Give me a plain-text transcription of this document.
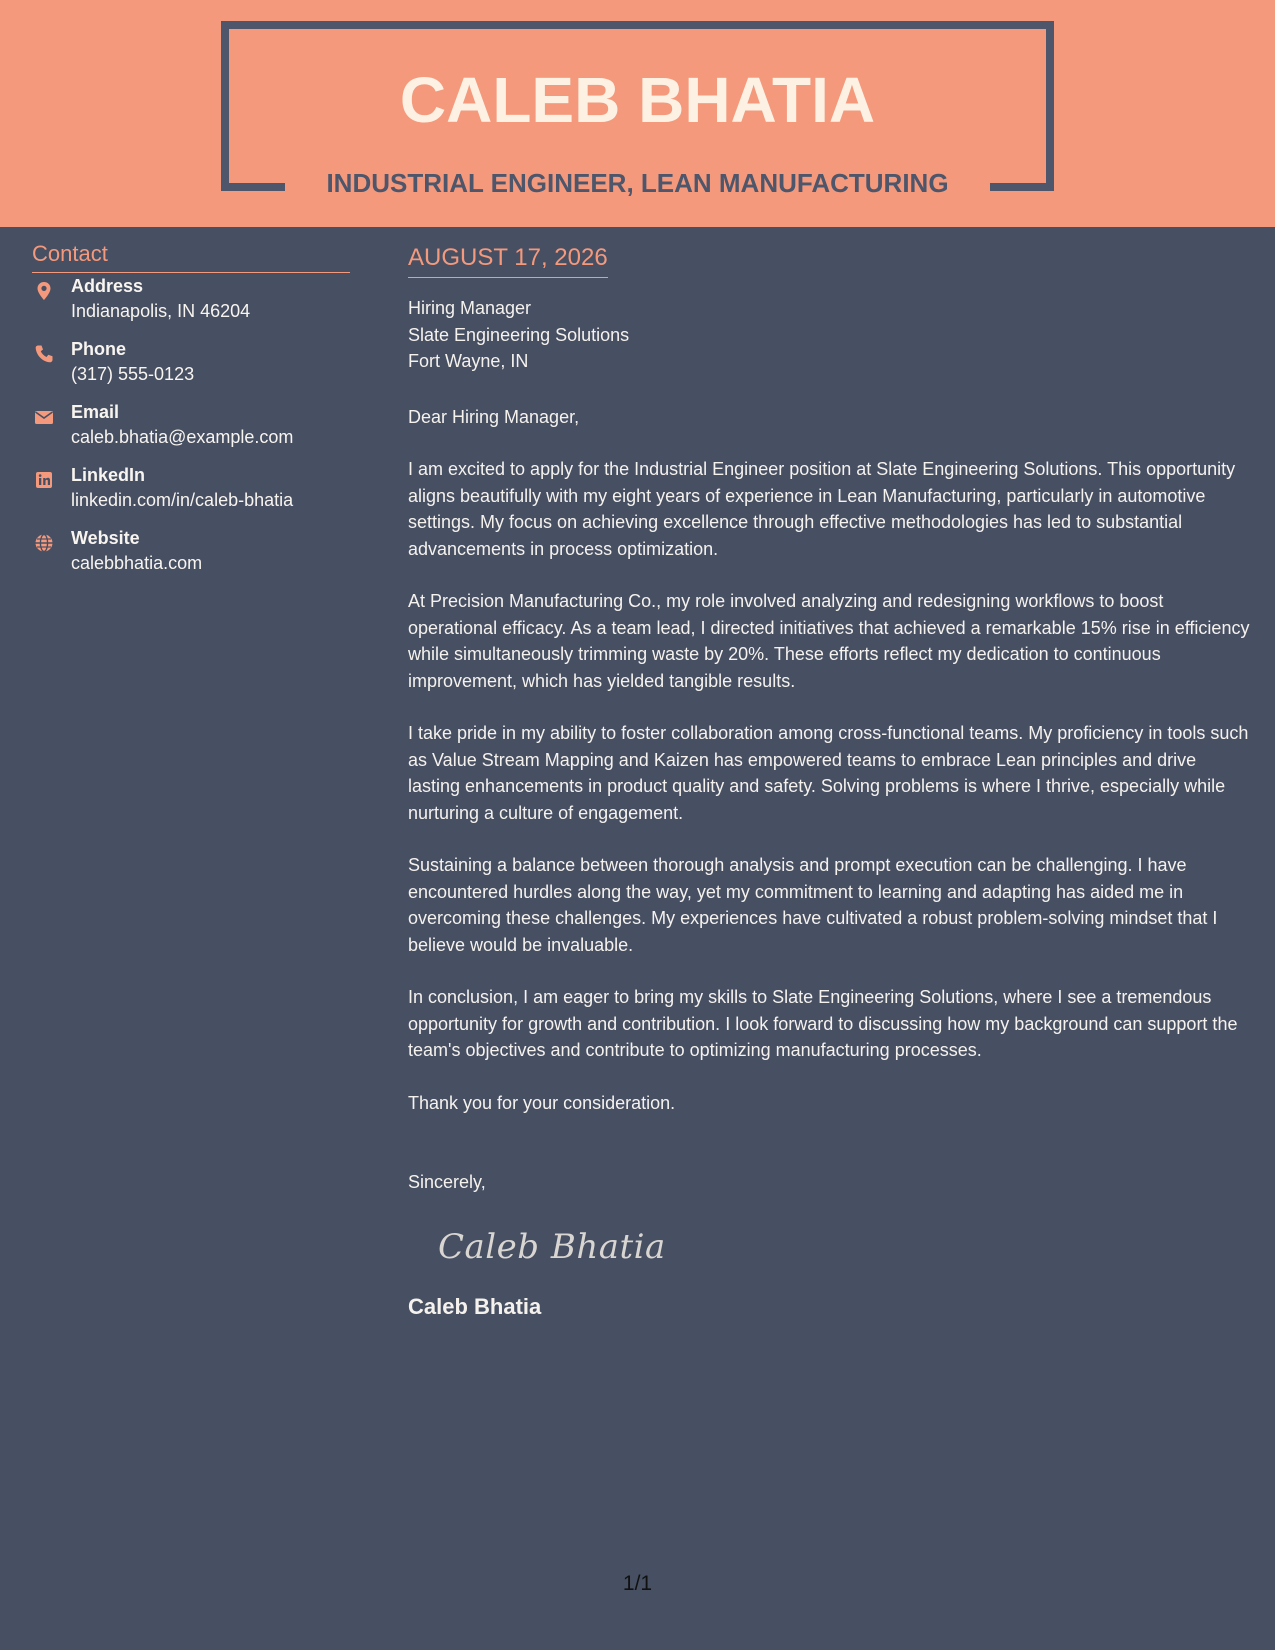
CALEB BHATIA
INDUSTRIAL ENGINEER, LEAN MANUFACTURING
Contact
Address
Indianapolis, IN 46204
Phone
(317) 555-0123
Email
caleb.bhatia@example.com
LinkedIn
linkedin.com/in/caleb-bhatia
Website
calebbhatia.com
AUGUST 17, 2026
Hiring Manager
Slate Engineering Solutions
Fort Wayne, IN
Dear Hiring Manager,
I am excited to apply for the Industrial Engineer position at Slate Engineering Solutions. This opportunity aligns beautifully with my eight years of experience in Lean Manufacturing, particularly in automotive settings. My focus on achieving excellence through effective methodologies has led to substantial advancements in process optimization.
At Precision Manufacturing Co., my role involved analyzing and redesigning workflows to boost operational efficacy. As a team lead, I directed initiatives that achieved a remarkable 15% rise in efficiency while simultaneously trimming waste by 20%. These efforts reflect my dedication to continuous improvement, which has yielded tangible results.
I take pride in my ability to foster collaboration among cross-functional teams. My proficiency in tools such as Value Stream Mapping and Kaizen has empowered teams to embrace Lean principles and drive lasting enhancements in product quality and safety. Solving problems is where I thrive, especially while nurturing a culture of engagement.
Sustaining a balance between thorough analysis and prompt execution can be challenging. I have encountered hurdles along the way, yet my commitment to learning and adapting has aided me in overcoming these challenges. My experiences have cultivated a robust problem-solving mindset that I believe would be invaluable.
In conclusion, I am eager to bring my skills to Slate Engineering Solutions, where I see a tremendous opportunity for growth and contribution. I look forward to discussing how my background can support the team's objectives and contribute to optimizing manufacturing processes.
Thank you for your consideration.
Sincerely,
Caleb Bhatia
Caleb Bhatia
1/1
